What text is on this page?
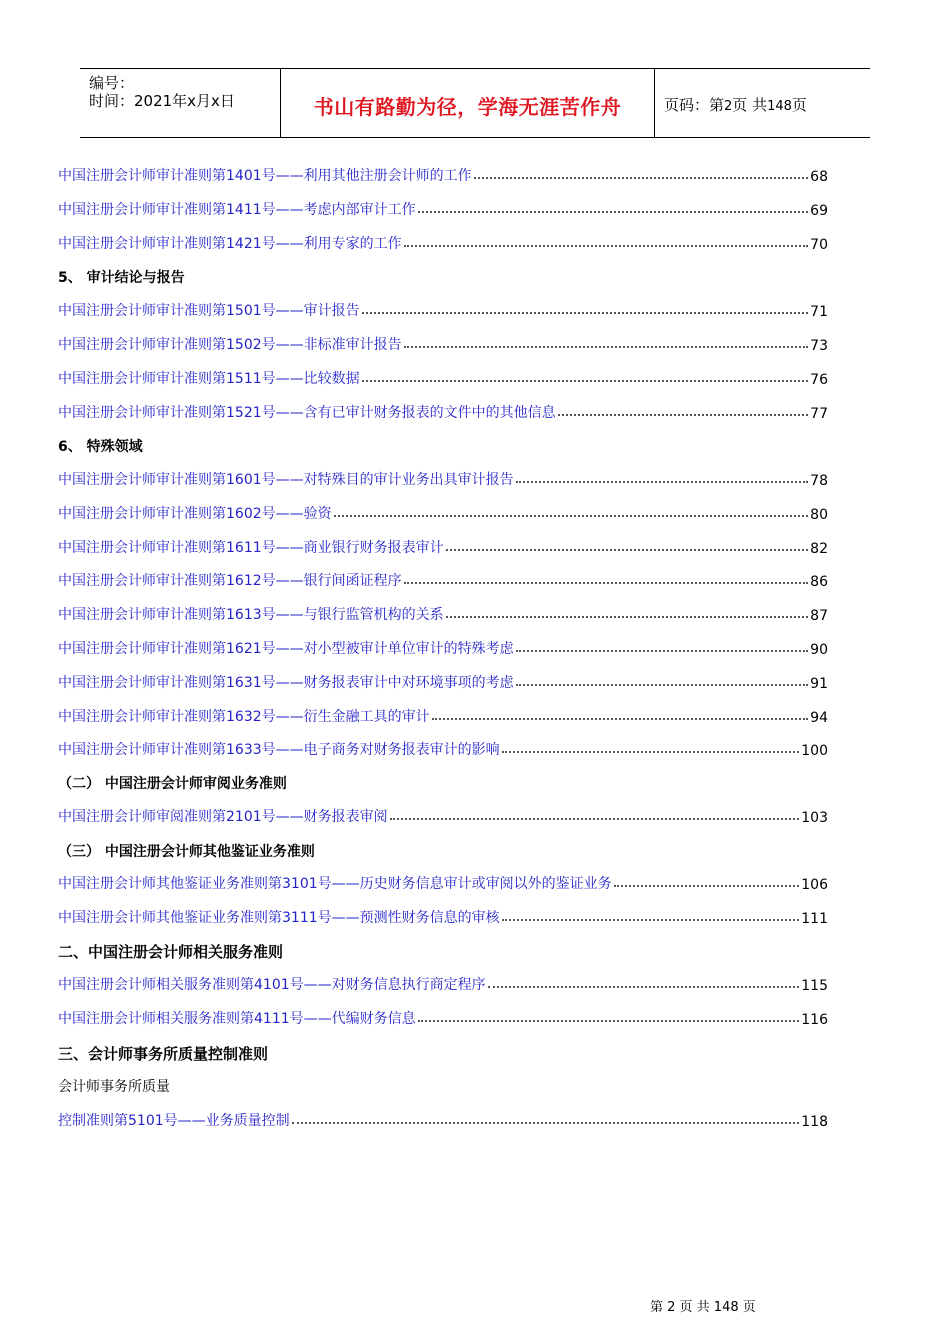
编号：
时间：2021年x月x日	书山有路勤为径，学海无涯苦作舟	页码：第2页 共148页
5、 审计结论与报告
6、 特殊领域
（二） 中国注册会计师审阅业务准则
（三） 中国注册会计师其他鉴证业务准则
二、中国注册会计师相关服务准则
三、会计师事务所质量控制准则
会计师事务所质量
中国注册会计师审计准则第1401号——利用其他注册会计师的工作	68
中国注册会计师审计准则第1411号——考虑内部审计工作	69
中国注册会计师审计准则第1421号——利用专家的工作	70
中国注册会计师审计准则第1501号——审计报告	71
中国注册会计师审计准则第1502号——非标准审计报告	73
中国注册会计师审计准则第1511号——比较数据	76
中国注册会计师审计准则第1521号——含有已审计财务报表的文件中的其他信息	77
中国注册会计师审计准则第1601号——对特殊目的审计业务出具审计报告	78
中国注册会计师审计准则第1602号——验资	80
中国注册会计师审计准则第1611号——商业银行财务报表审计	82
中国注册会计师审计准则第1612号——银行间函证程序	86
中国注册会计师审计准则第1613号——与银行监管机构的关系	87
中国注册会计师审计准则第1621号——对小型被审计单位审计的特殊考虑	90
中国注册会计师审计准则第1631号——财务报表审计中对环境事项的考虑	91
中国注册会计师审计准则第1632号——衍生金融工具的审计	94
中国注册会计师审计准则第1633号——电子商务对财务报表审计的影响	100
中国注册会计师审阅准则第2101号——财务报表审阅	103
中国注册会计师其他鉴证业务准则第3101号——历史财务信息审计或审阅以外的鉴证业务	106
中国注册会计师其他鉴证业务准则第3111号——预测性财务信息的审核	111
中国注册会计师相关服务准则第4101号——对财务信息执行商定程序	115
中国注册会计师相关服务准则第4111号——代编财务信息	116
控制准则第5101号——业务质量控制	118
第 2 页 共 148 页
